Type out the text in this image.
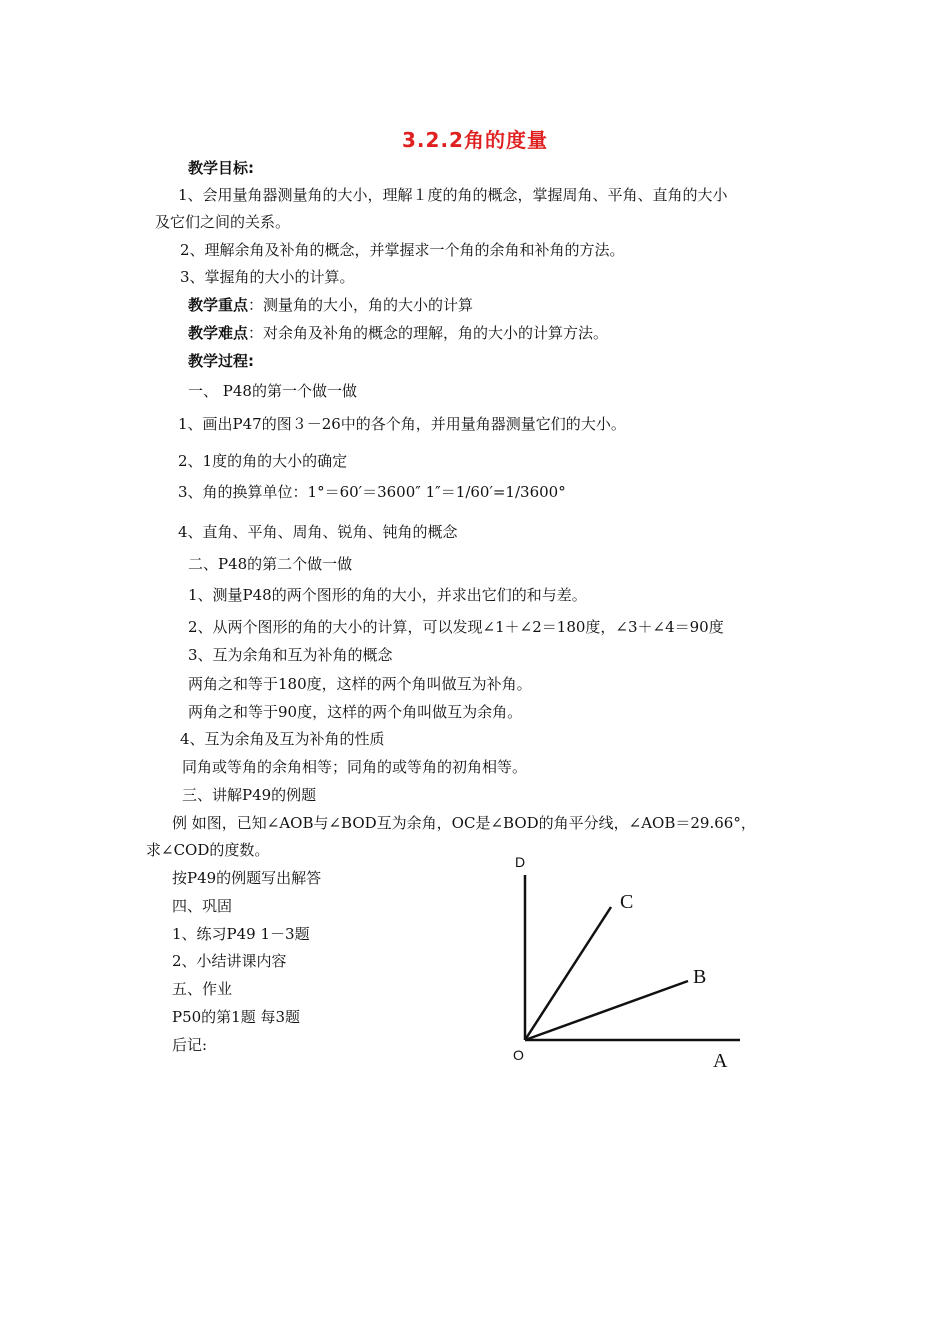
3.2.2角的度量
教学目标:
1、会用量角器测量角的大小，理解１度的角的概念，掌握周角、平角、直角的大小
及它们之间的关系。
2、理解余角及补角的概念，并掌握求一个角的余角和补角的方法。
3、掌握角的大小的计算。
教学重点：测量角的大小，角的大小的计算
教学难点：对余角及补角的概念的理解，角的大小的计算方法。
教学过程:
一、 P48的第一个做一做
1、画出P47的图３－26中的各个角，并用量角器测量它们的大小。
2、1度的角的大小的确定
3、角的换算单位：1°＝60′＝3600″ 1″＝1/60′=1/3600°
4、直角、平角、周角、锐角、钝角的概念
二、P48的第二个做一做
1、测量P48的两个图形的角的大小，并求出它们的和与差。
2、从两个图形的角的大小的计算，可以发现∠1＋∠2＝180度，∠3＋∠4＝90度
3、互为余角和互为补角的概念
两角之和等于180度，这样的两个角叫做互为补角。
两角之和等于90度，这样的两个角叫做互为余角。
4、互为余角及互为补角的性质
同角或等角的余角相等；同角的或等角的初角相等。
三、讲解P49的例题
例 如图，已知∠AOB与∠BOD互为余角，OC是∠BOD的角平分线，∠AOB＝29.66°，
求∠COD的度数。
按P49的例题写出解答
四、巩固
1、练习P49 1－3题
2、小结讲课内容
五、作业
P50的第1题 每3题
后记:
D
C
B
O	A
